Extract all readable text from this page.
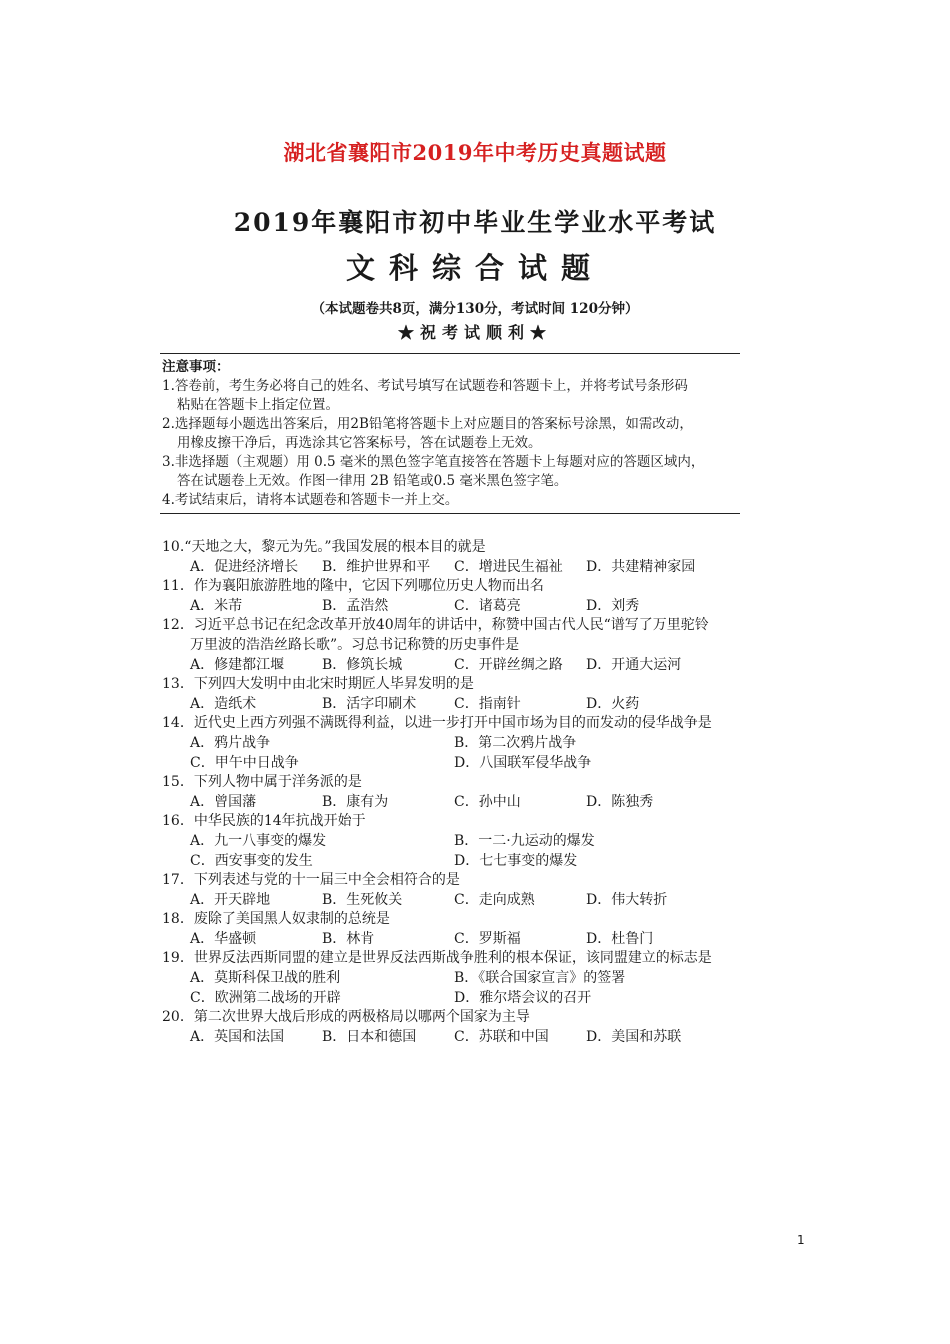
湖北省襄阳市2019年中考历史真题试题
2019年襄阳市初中毕业生学业水平考试
文科综合试题
（本试题卷共8页，满分130分，考试时间 120分钟）
★祝考试顺利★
注意事项：
1.答卷前，考生务必将自己的姓名、考试号填写在试题卷和答题卡上，并将考试号条形码
粘贴在答题卡上指定位置。
2.选择题每小题选出答案后，用2B铅笔将答题卡上对应题目的答案标号涂黑，如需改动，
用橡皮擦干净后，再选涂其它答案标号，答在试题卷上无效。
3.非选择题（主观题）用 0.5 毫米的黑色签字笔直接答在答题卡上每题对应的答题区域内，
答在试题卷上无效。作图一律用 2B 铅笔或0.5 毫米黑色签字笔。
4.考试结束后，请将本试题卷和答题卡一并上交。
10.“天地之大，黎元为先。”我国发展的根本目的就是
A．促进经济增长	B．维护世界和平	C．增进民生福祉	D．共建精神家园
11．作为襄阳旅游胜地的隆中，它因下列哪位历史人物而出名
A．米芾	B．孟浩然	C．诸葛亮	D．刘秀
12．习近平总书记在纪念改革开放40周年的讲话中，称赞中国古代人民“谱写了万里驼铃
万里波的浩浩丝路长歌”。习总书记称赞的历史事件是
A．修建都江堰	B．修筑长城	C．开辟丝绸之路	D．开通大运河
13．下列四大发明中由北宋时期匠人毕昇发明的是
A．造纸术	B．活字印刷术	C．指南针	D．火药
14．近代史上西方列强不满既得利益，以进一步打开中国市场为目的而发动的侵华战争是
A．鸦片战争	B．第二次鸦片战争
C．甲午中日战争	D．八国联军侵华战争
15．下列人物中属于洋务派的是
A．曾国藩	B．康有为	C．孙中山	D．陈独秀
16．中华民族的14年抗战开始于
A．九一八事变的爆发	B．一二·九运动的爆发
C．西安事变的发生	D．七七事变的爆发
17．下列表述与党的十一届三中全会相符合的是
A．开天辟地	B．生死攸关	C．走向成熟	D．伟大转折
18．废除了美国黑人奴隶制的总统是
A．华盛顿	B．林肯	C．罗斯福	D．杜鲁门
19．世界反法西斯同盟的建立是世界反法西斯战争胜利的根本保证，该同盟建立的标志是
A．莫斯科保卫战的胜利	B．《联合国家宣言》的签署
C．欧洲第二战场的开辟	D．雅尔塔会议的召开
20．第二次世界大战后形成的两极格局以哪两个国家为主导
A．英国和法国	B．日本和德国	C．苏联和中国	D．美国和苏联
1
